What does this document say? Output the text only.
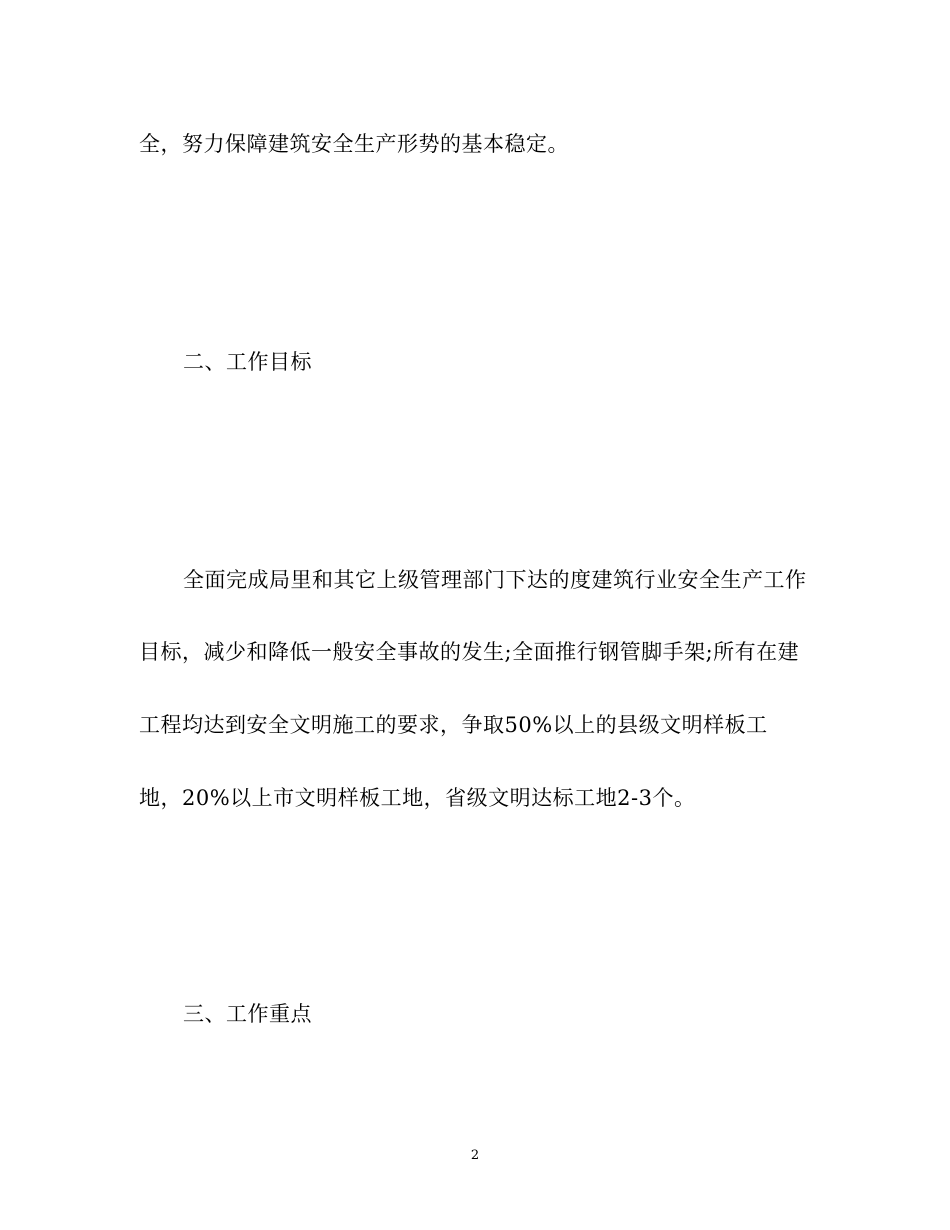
全，努力保障建筑安全生产形势的基本稳定。
二、工作目标
全面完成局里和其它上级管理部门下达的度建筑行业安全生产工作
目标，减少和降低一般安全事故的发生;全面推行钢管脚手架;所有在建
工程均达到安全文明施工的要求，争取50%以上的县级文明样板工
地，20%以上市文明样板工地，省级文明达标工地2-3个。
三、工作重点
2
